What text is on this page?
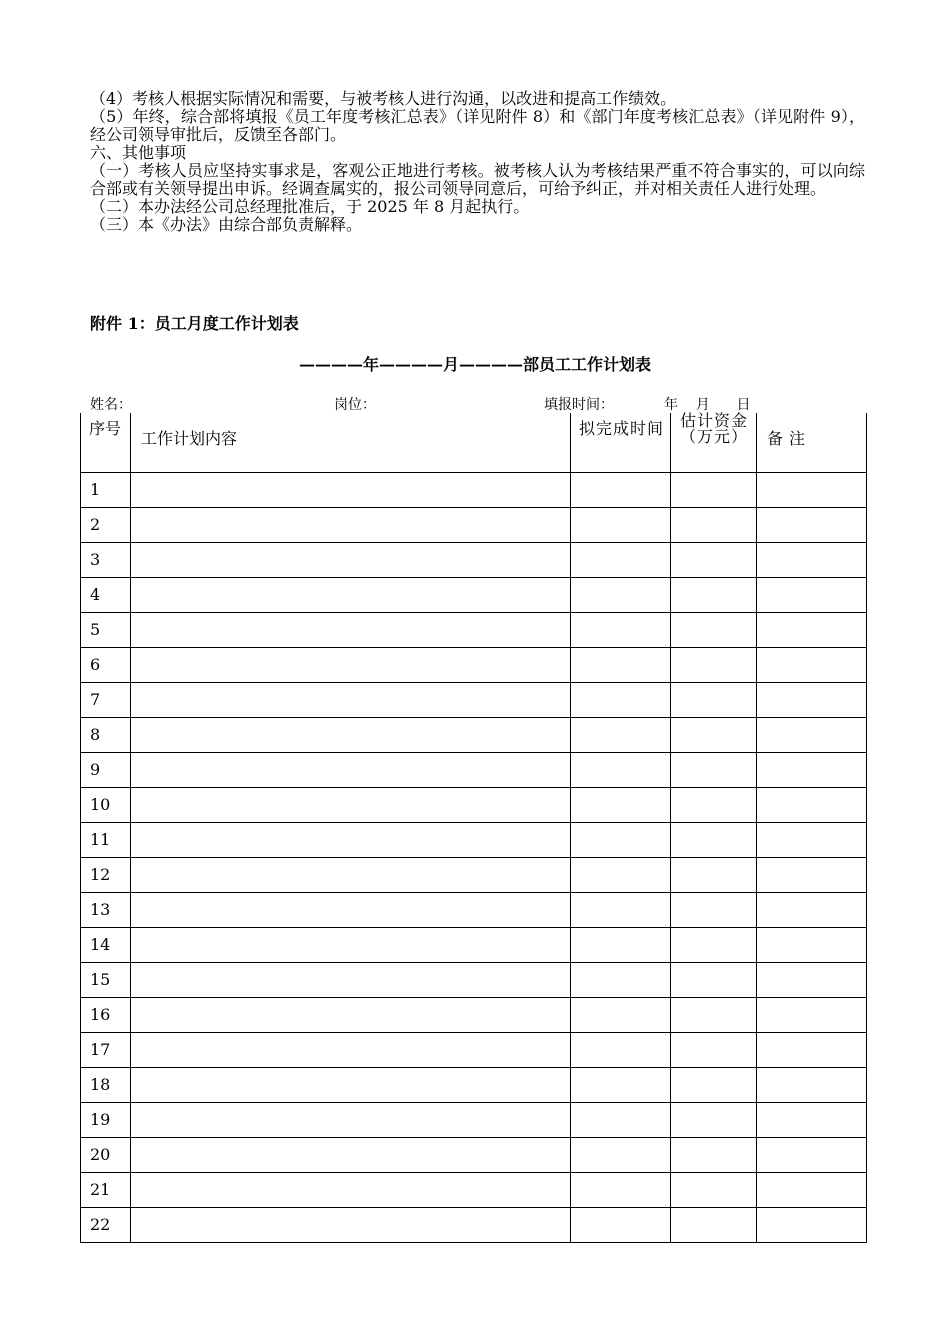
（4）考核人根据实际情况和需要，与被考核人进行沟通，以改进和提高工作绩效。

（5）年终，综合部将填报《员工年度考核汇总表》（详见附件 8）和《部门年度考核汇总表》（详见附件 9），经公司领导审批后，反馈至各部门。

六、其他事项

（一）考核人员应坚持实事求是，客观公正地进行考核。被考核人认为考核结果严重不符合事实的，可以向综合部或有关领导提出申诉。经调查属实的，报公司领导同意后，可给予纠正，并对相关责任人进行处理。

（二）本办法经公司总经理批准后，于 2025 年 8 月起执行。

（三）本《办法》由综合部负责解释。

附件 1：员工月度工作计划表
————年————月————部员工工作计划表
姓名：	岗位：	填报时间：	年    月      日
序号	工作计划内容	拟完成时间	估计资金（万元）	备注
1				
2				
3				
4				
5				
6				
7				
8				
9				
10				
11				
12				
13				
14				
15				
16				
17				
18				
19				
20				
21				
22				
